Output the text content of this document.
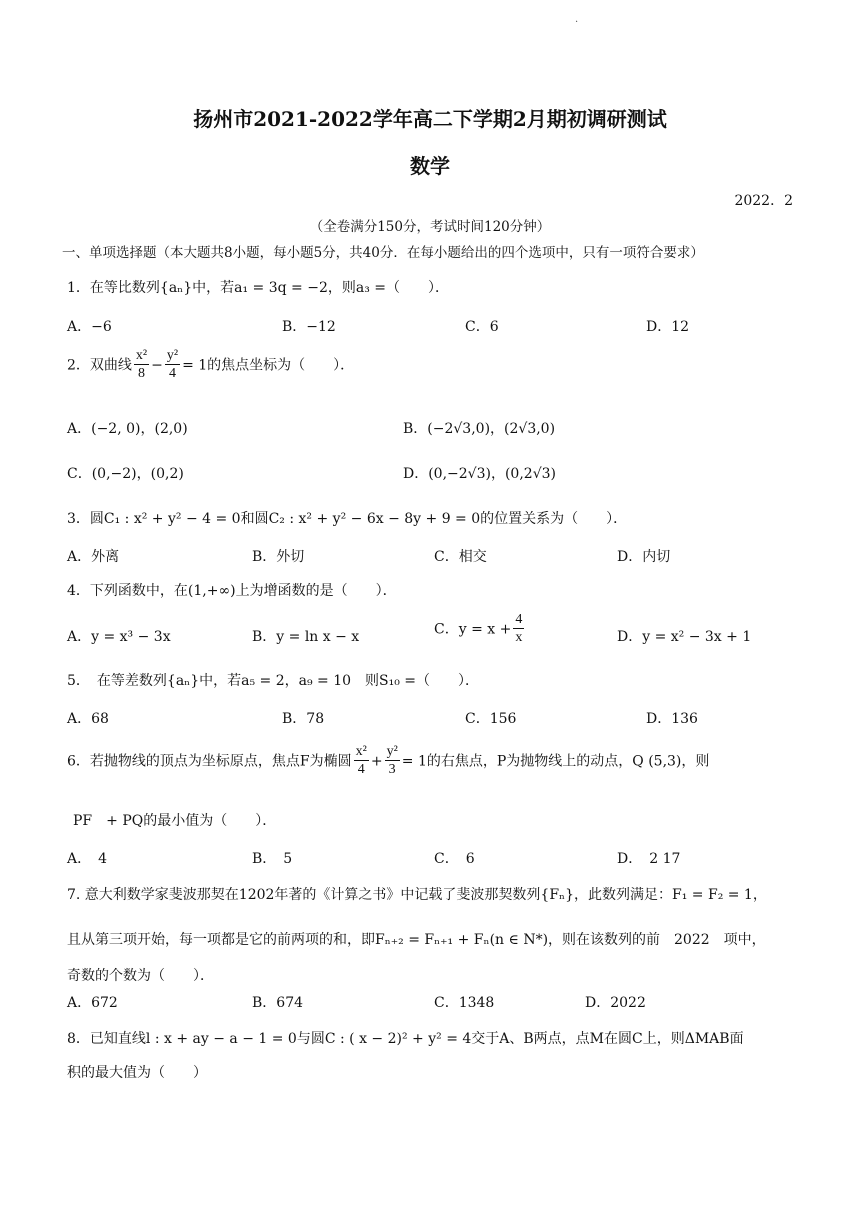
.
扬州市2021-2022学年高二下学期2月期初调研测试
数学
2022．2
（全卷满分150分，考试时间120分钟）
一、单项选择题（本大题共8小题，每小题5分，共40分．在每小题给出的四个选项中，只有一项符合要求）
1．在等比数列{aₙ}中，若a₁ = 3q = −2，则a₃ =（　　）．
A．−6	B．−12	C．6	D．12
2．双曲线 $\frac{\text{x²}}{8} - \frac{\text{y²}}{4} = 1$的焦点坐标为（　　）．
A．(−2, 0)，(2,0)	B．(−2√3,0)，(2√3,0)
C．(0,−2)，(0,2)	D．(0,−2√3)，(0,2√3)
3．圆C₁ : x² + y² − 4 = 0和圆C₂ : x² + y² − 6x − 8y + 9 = 0的位置关系为（　　）．
A．外离	B．外切	C．相交	D．内切
4．下列函数中，在(1,+∞)上为增函数的是（　　）．
A．y = x³ − 3x	B．y = ln x − x	C．$y = x + \frac{4}{x}$	D．y = x² − 3x + 1
5．　在等差数列{aₙ}中，若a₅ = 2，a₉ = 10　则S₁₀ =（　　）．
A．68	B．78	C．156	D．136
6．若抛物线的顶点为坐标原点，焦点F为椭圆 $\frac{\text{x²}}{4} + \frac{\text{y²}}{3} = 1$的右焦点，P为抛物线上的动点，Q (5,3)，则
PF　+ PQ的最小值为（　　）．
A．　4	B．　5	C．　6	D．　2 17
7. 意大利数学家斐波那契在1202年著的《计算之书》中记载了斐波那契数列{Fₙ}，此数列满足：F₁ = F₂ = 1，
且从第三项开始，每一项都是它的前两项的和，即Fₙ₊₂ = Fₙ₊₁ + Fₙ(n ∈ N*)，则在该数列的前　2022　项中，
奇数的个数为（　　）．
A．672	B．674	C．1348	D．2022
8．已知直线l : x + ay − a − 1 = 0与圆C : ( x − 2)² + y² = 4交于A、B两点，点M在圆C上，则ΔMAB面
积的最大值为（　　）
